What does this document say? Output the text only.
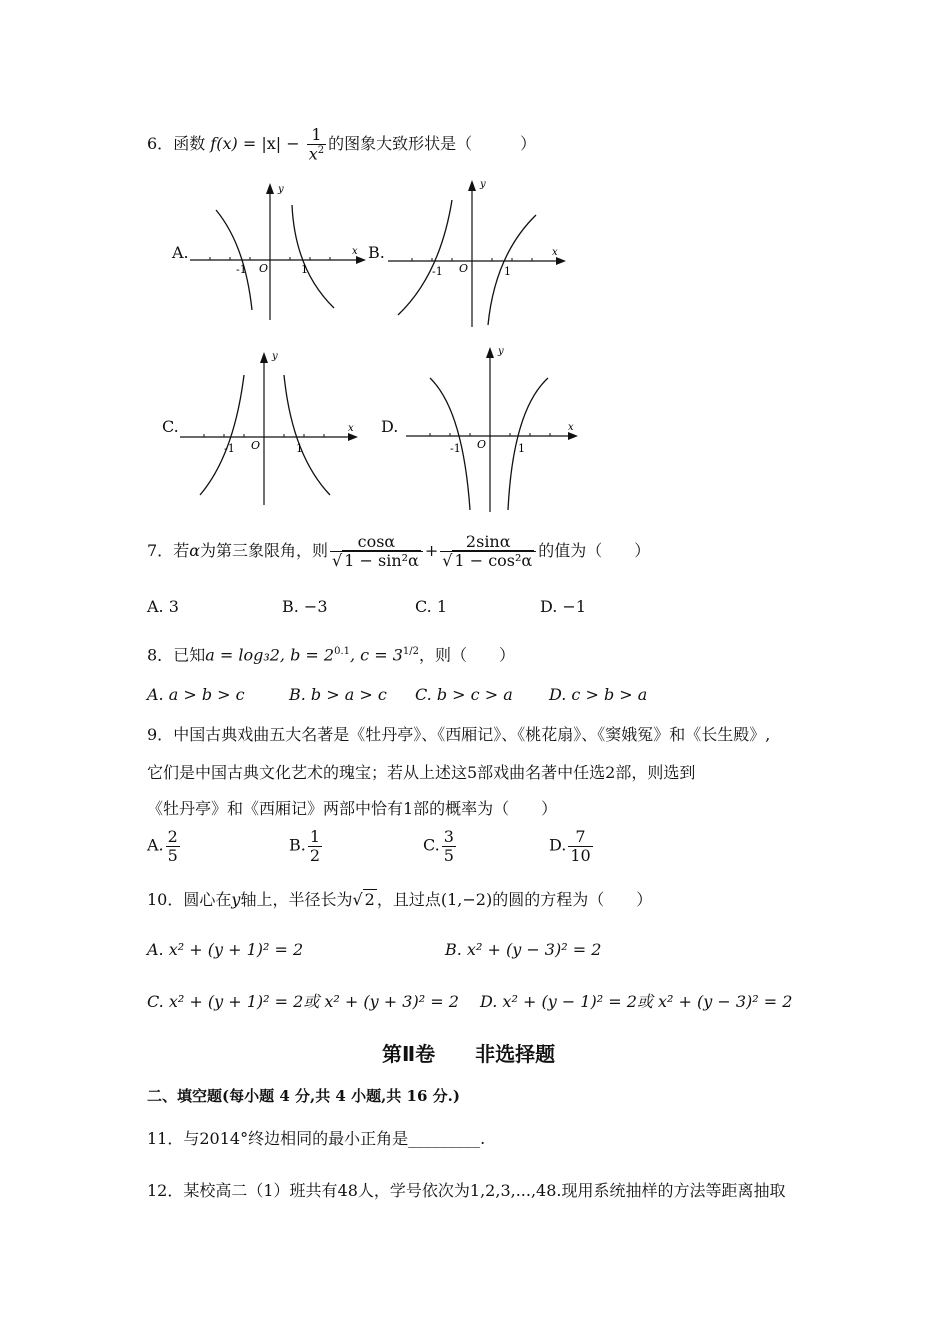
6．函数 $f(x) = |x| - \frac{1}{x^2}$ 的图象大致形状是（　　　）
A.
-1 O	1
x
y
B.
-1 O	1
x
y
C.
-1 O	1
x
y
D.
-1 O	1
x
y
7．若α为第三象限角，则 $\frac{\cos\alpha}{\text{√ 1 − sin²α}} + \frac{2\sin\alpha}{\text{√ 1 − cos²α}}$ 的值为（　　）
A. 3	B. −3	C. 1	D. −1
8．已知a = log₃2, $b = 2^{0.1}$, $c = 3^{1/2}$，则（　　）
A. a > b > c	B. b > a > c C. b > c > a D. c > b > a
9．中国古典戏曲五大名著是《牡丹亭》、《西厢记》、《桃花扇》、《窦娥冤》和《长生殿》,
它们是中国古典文化艺术的瑰宝；若从上述这5部戏曲名著中任选2部，则选到
《牡丹亭》和《西厢记》两部中恰有1部的概率为（　　）
A. $\frac{2}{5}$	B. $\frac{1}{2}$	C. $\frac{3}{5}$	D. $\frac{7}{10}$
10．圆心在y轴上，半径长为√ 2 ，且过点(1,−2)的圆的方程为（　　）
A. x² + (y + 1)² = 2	B. x² + (y − 3)² = 2
C. x² + (y + 1)² = 2或 x² + (y + 3)² = 2 D. x² + (y − 1)² = 2或 x² + (y − 3)² = 2
第Ⅱ卷　　非选择题
二、填空题(每小题 4 分,共 4 小题,共 16 分.)
11．与2014°终边相同的最小正角是_________.
12．某校高二（1）班共有48人，学号依次为1,2,3,...,48.现用系统抽样的方法等距离抽取
